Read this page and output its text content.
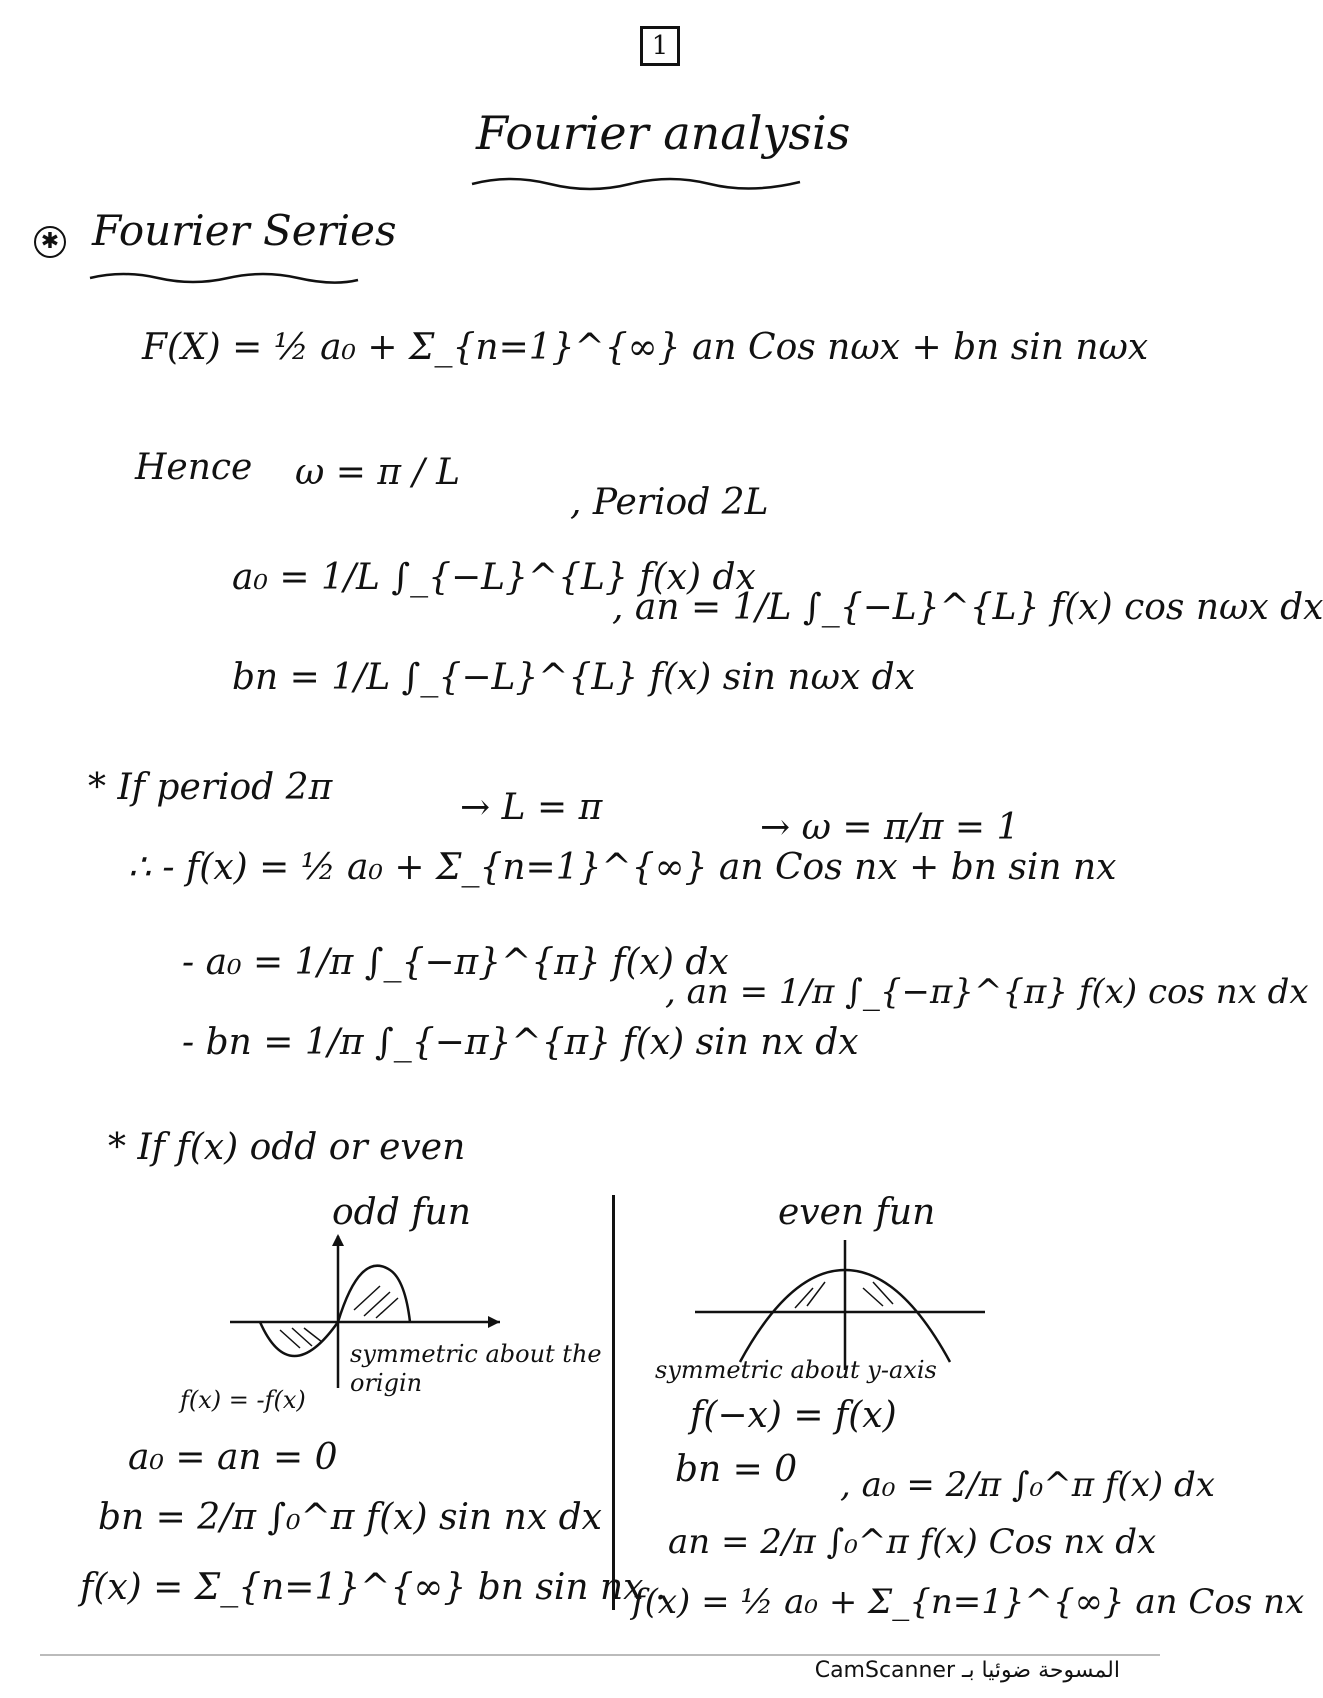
1
Fourier analysis
✱ Fourier Series
F(X) = ½ a₀ + Σ_{n=1}^{∞} an Cos nωx + bn sin nωx
Hence ω = π / L
, Period 2L
a₀ = 1/L ∫_{−L}^{L} f(x) dx
, an = 1/L ∫_{−L}^{L} f(x) cos nωx dx
bn = 1/L ∫_{−L}^{L} f(x) sin nωx dx
* If period 2π	→ L = π	→ ω = π/π = 1
∴ - f(x) = ½ a₀ + Σ_{n=1}^{∞} an Cos nx + bn sin nx
- a₀ = 1/π ∫_{−π}^{π} f(x) dx
, an = 1/π ∫_{−π}^{π} f(x) cos nx dx
- bn = 1/π ∫_{−π}^{π} f(x) sin nx dx
* If f(x) odd or even
odd fun	even fun
symmetric about the origin
f(x) = -f(x)
a₀ = an = 0
bn = 2/π ∫₀^π f(x) sin nx dx
f(x) = Σ_{n=1}^{∞} bn sin nx .
symmetric about y-axis
f(−x) = f(x)
bn = 0 , a₀ = 2/π ∫₀^π f(x) dx
an = 2/π ∫₀^π f(x) Cos nx dx
f(x) = ½ a₀ + Σ_{n=1}^{∞} an Cos nx
CamScanner المسوحة ضوئيا بـ
